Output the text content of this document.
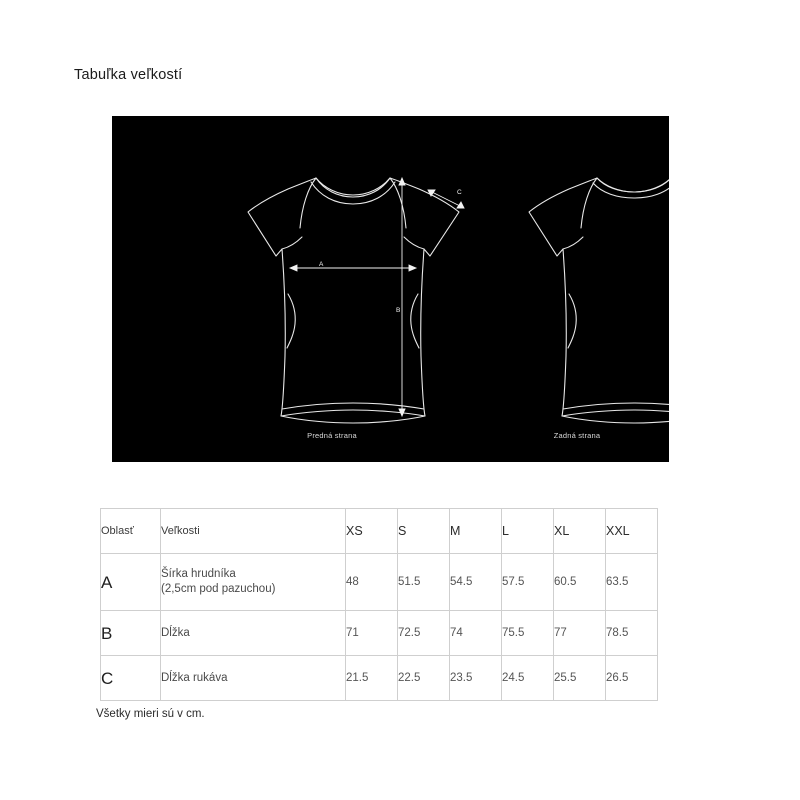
Tabuľka veľkostí
A
B
C
Predná strana	Zadná strana
Oblasť	Veľkosti	XS	S	M	L	XL	XXL
A	Šírka hrudníka
(2,5cm pod pazuchou)	48	51.5	54.5	57.5	60.5	63.5
B	Dĺžka	71	72.5	74	75.5	77	78.5
C	Dĺžka rukáva	21.5	22.5	23.5	24.5	25.5	26.5
Všetky mieri sú v cm.
